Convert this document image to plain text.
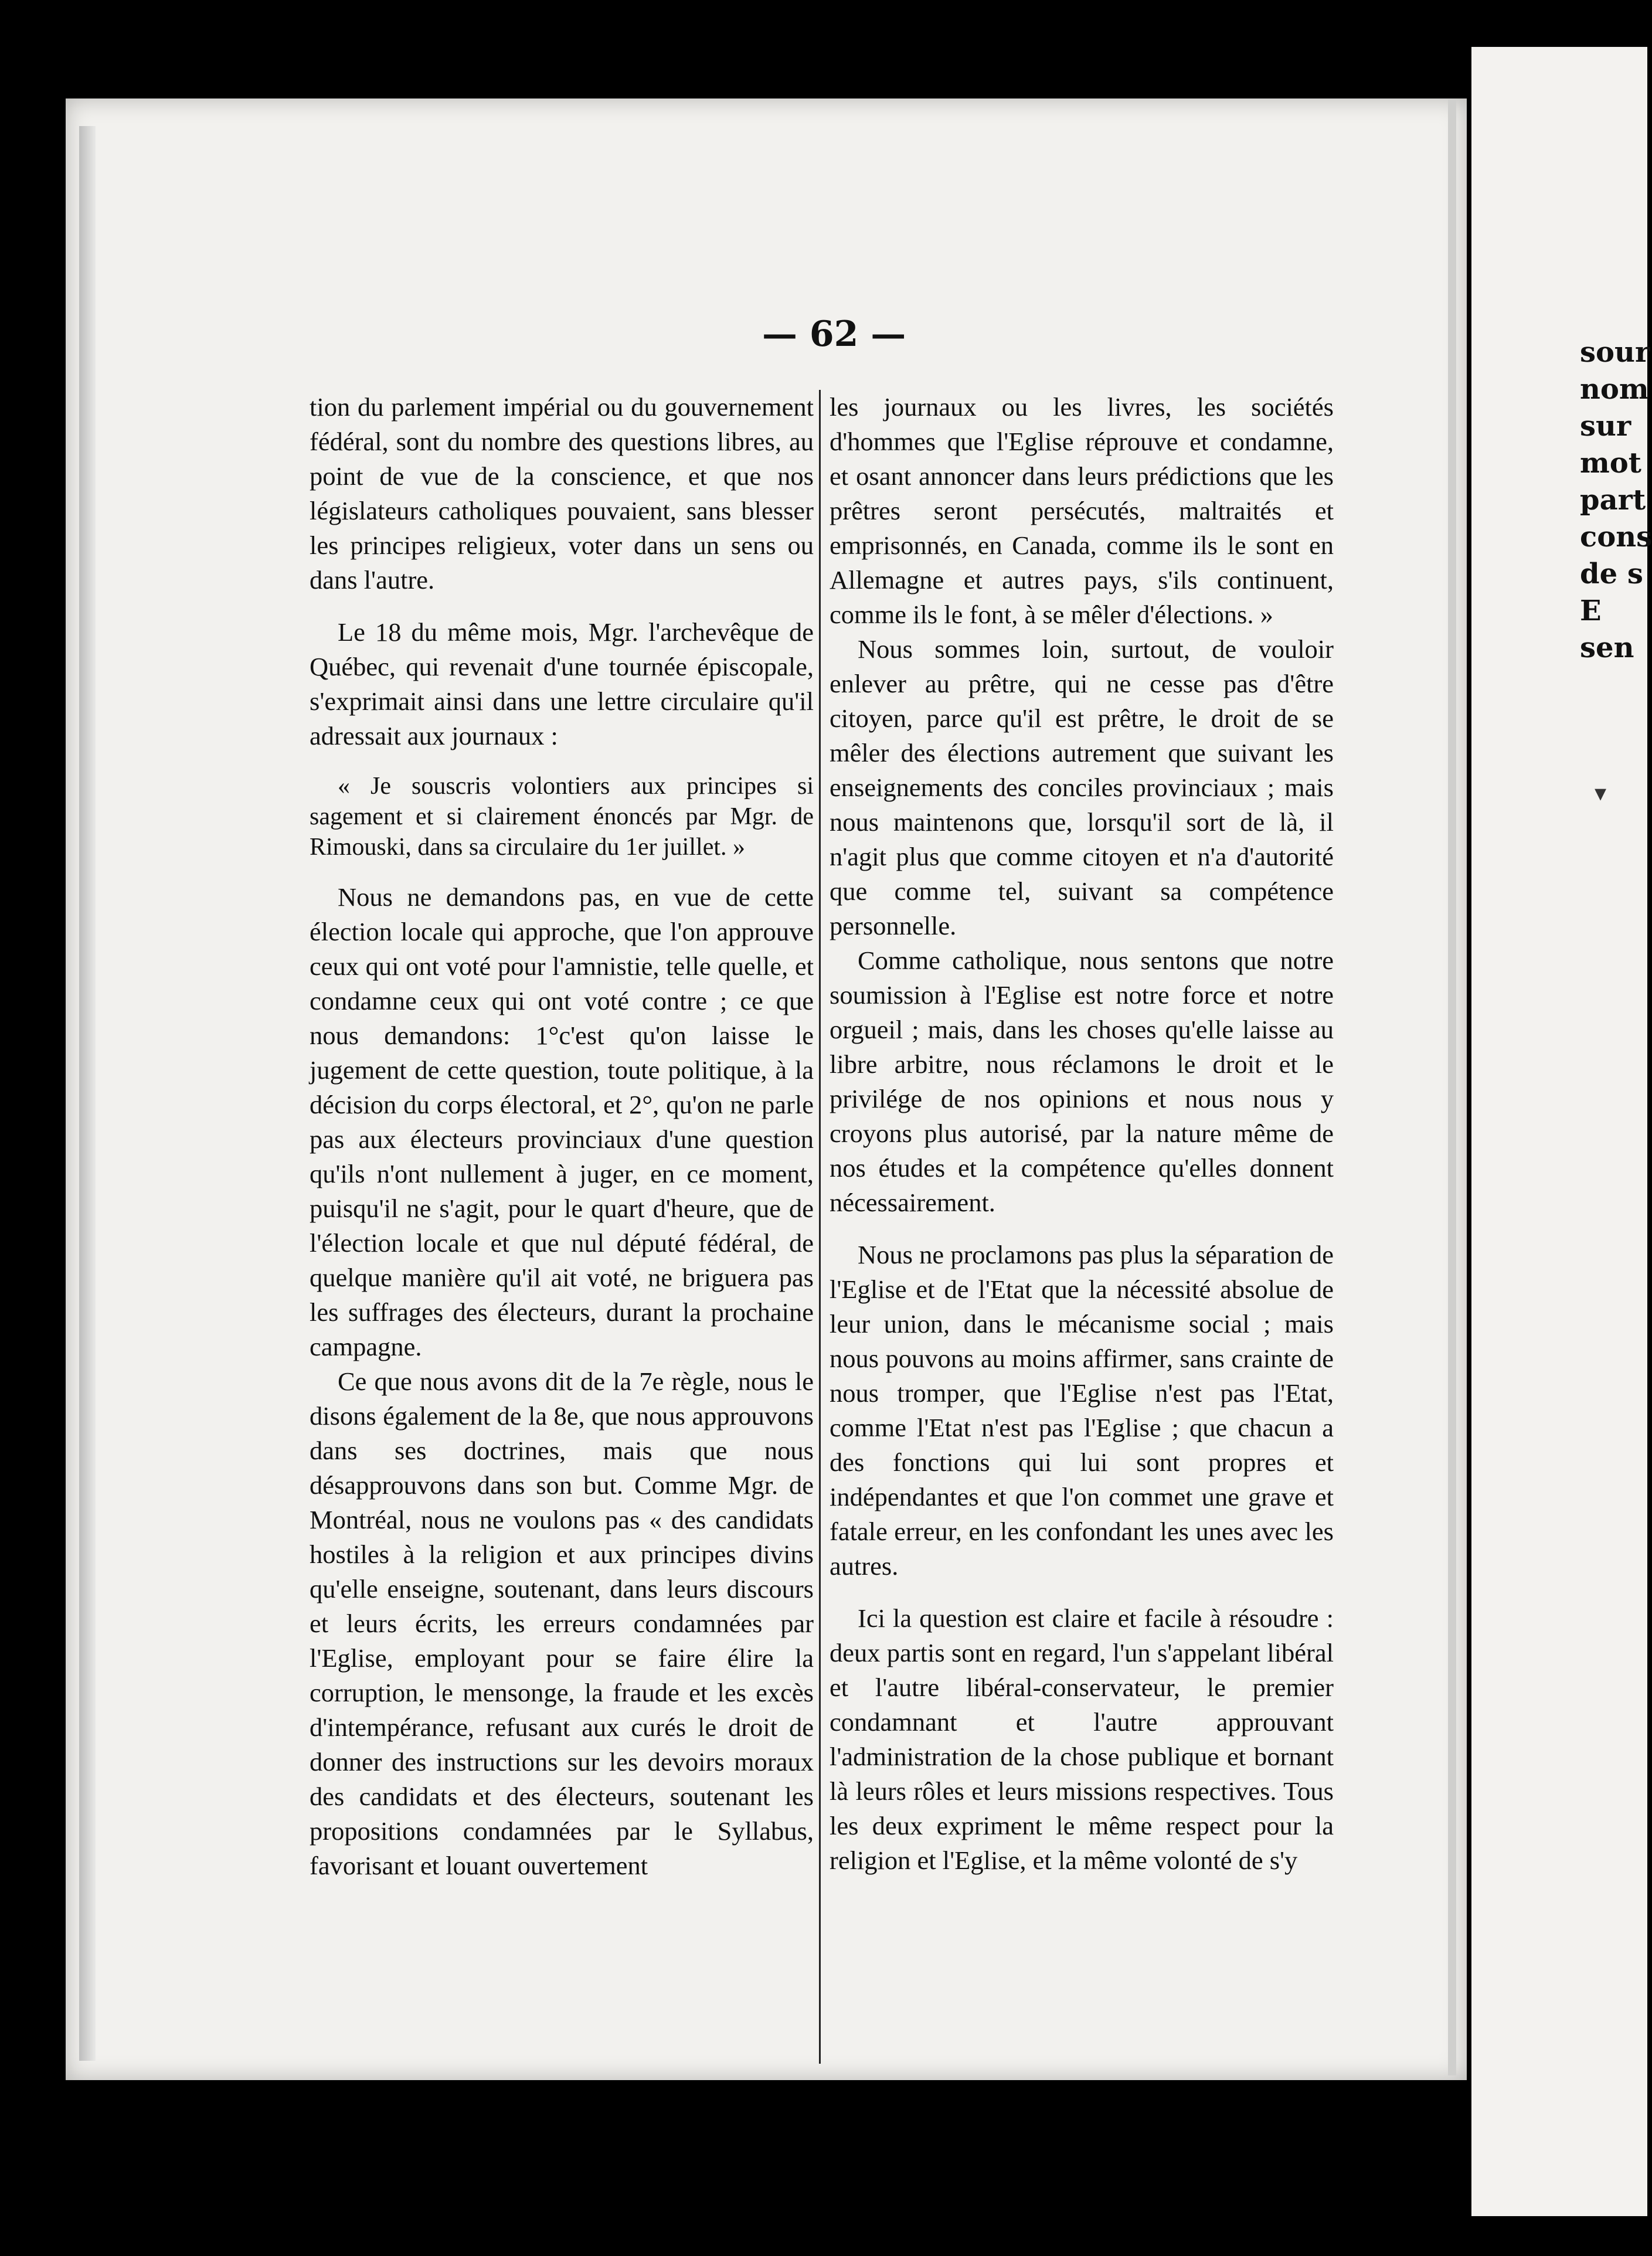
sour
nom
sur
mot
part
cons
de s
E
sen
▾
— 62 —

tion du parlement impérial ou du gouvernement fédéral, sont du nombre des questions libres, au point de vue de la conscience, et que nos législateurs catholiques pouvaient, sans blesser les principes religieux, voter dans un sens ou dans l'autre.

Le 18 du même mois, Mgr. l'archevêque de Québec, qui revenait d'une tournée épiscopale, s'exprimait ainsi dans une lettre circulaire qu'il adressait aux journaux :

« Je souscris volontiers aux principes si sagement et si clairement énoncés par Mgr. de Rimouski, dans sa circulaire du 1er juillet. »

Nous ne demandons pas, en vue de cette élection locale qui approche, que l'on approuve ceux qui ont voté pour l'amnistie, telle quelle, et condamne ceux qui ont voté contre ; ce que nous demandons: 1°c'est qu'on laisse le jugement de cette question, toute politique, à la décision du corps électoral, et 2°, qu'on ne parle pas aux électeurs provinciaux d'une question qu'ils n'ont nullement à juger, en ce moment, puisqu'il ne s'agit, pour le quart d'heure, que de l'élection locale et que nul député fédéral, de quelque manière qu'il ait voté, ne briguera pas les suffrages des électeurs, durant la prochaine campagne.

Ce que nous avons dit de la 7e règle, nous le disons également de la 8e, que nous approuvons dans ses doctrines, mais que nous désapprouvons dans son but. Comme Mgr. de Montréal, nous ne voulons pas « des candidats hostiles à la religion et aux principes divins qu'elle enseigne, soutenant, dans leurs discours et leurs écrits, les erreurs condamnées par l'Eglise, employant pour se faire élire la corruption, le mensonge, la fraude et les excès d'intempérance, refusant aux curés le droit de donner des instructions sur les devoirs moraux des candidats et des électeurs, soutenant les propositions condamnées par le Syllabus, favorisant et louant ouvertement

les journaux ou les livres, les sociétés d'hommes que l'Eglise réprouve et condamne, et osant annoncer dans leurs prédictions que les prêtres seront persécutés, maltraités et emprisonnés, en Canada, comme ils le sont en Allemagne et autres pays, s'ils continuent, comme ils le font, à se mêler d'élections. »

Nous sommes loin, surtout, de vouloir enlever au prêtre, qui ne cesse pas d'être citoyen, parce qu'il est prêtre, le droit de se mêler des élections autrement que suivant les enseignements des conciles provinciaux ; mais nous maintenons que, lorsqu'il sort de là, il n'agit plus que comme citoyen et n'a d'autorité que comme tel, suivant sa compétence personnelle.

Comme catholique, nous sentons que notre soumission à l'Eglise est notre force et notre orgueil ; mais, dans les choses qu'elle laisse au libre arbitre, nous réclamons le droit et le privilége de nos opinions et nous nous y croyons plus autorisé, par la nature même de nos études et la compétence qu'elles donnent nécessairement.

Nous ne proclamons pas plus la séparation de l'Eglise et de l'Etat que la nécessité absolue de leur union, dans le mécanisme social ; mais nous pouvons au moins affirmer, sans crainte de nous tromper, que l'Eglise n'est pas l'Etat, comme l'Etat n'est pas l'Eglise ; que chacun a des fonctions qui lui sont propres et indépendantes et que l'on commet une grave et fatale erreur, en les confondant les unes avec les autres.

Ici la question est claire et facile à résoudre : deux partis sont en regard, l'un s'appelant libéral et l'autre libéral-conservateur, le premier condamnant et l'autre approuvant l'administration de la chose publique et bornant là leurs rôles et leurs missions respectives. Tous les deux expriment le même respect pour la religion et l'Eglise, et la même volonté de s'y
